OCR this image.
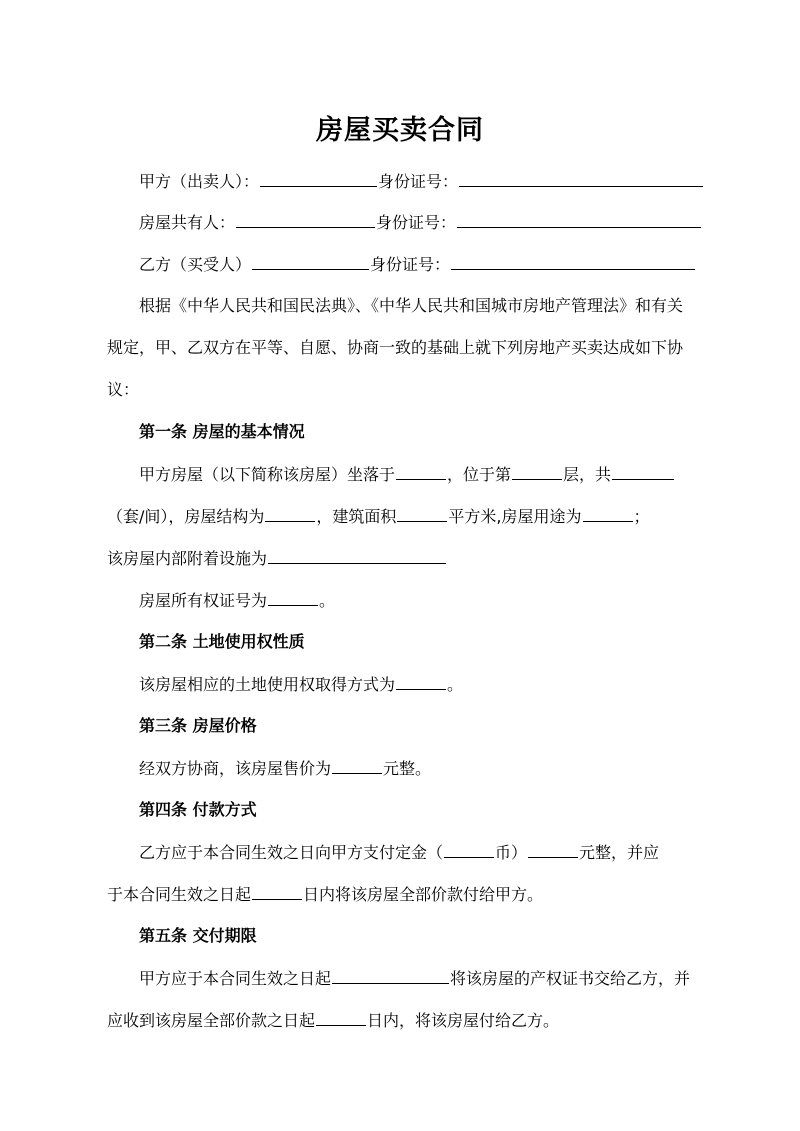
房屋买卖合同
甲方（出卖人）：	身份证号：
房屋共有人：	身份证号：
乙方（买受人）	身份证号：
根据《中华人民共和国民法典》、《中华人民共和国城市房地产管理法》和有关
规定，甲、乙双方在平等、自愿、协商一致的基础上就下列房地产买卖达成如下协
议：
第一条 房屋的基本情况
甲方房屋（以下简称该房屋）坐落于	，位于第	层，共
（套/间），房屋结构为	，建筑面积	平方米,房屋用途为	；
该房屋内部附着设施为
房屋所有权证号为	。
第二条 土地使用权性质
该房屋相应的土地使用权取得方式为	。
第三条 房屋价格
经双方协商，该房屋售价为	元整。
第四条 付款方式
乙方应于本合同生效之日向甲方支付定金（	币）	元整，并应
于本合同生效之日起	日内将该房屋全部价款付给甲方。
第五条 交付期限
甲方应于本合同生效之日起	将该房屋的产权证书交给乙方，并
应收到该房屋全部价款之日起	日内，将该房屋付给乙方。
